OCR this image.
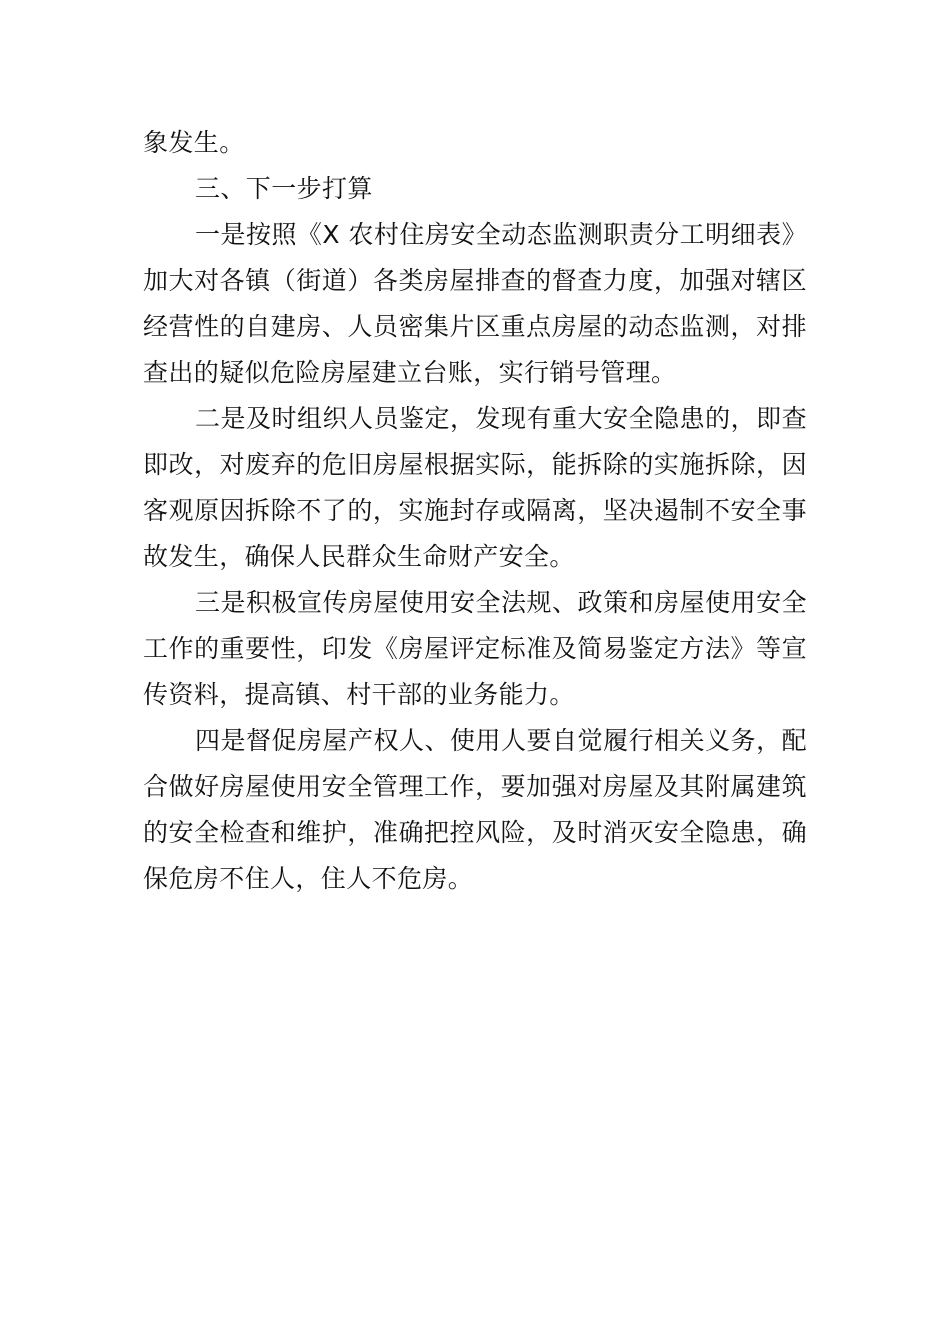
象发生。

三、下一步打算

一是按照《X 农村住房安全动态监测职责分工明细表》加大对各镇（街道）各类房屋排查的督查力度，加强对辖区经营性的自建房、人员密集片区重点房屋的动态监测，对排查出的疑似危险房屋建立台账，实行销号管理。

二是及时组织人员鉴定，发现有重大安全隐患的，即查即改，对废弃的危旧房屋根据实际，能拆除的实施拆除，因客观原因拆除不了的，实施封存或隔离，坚决遏制不安全事故发生，确保人民群众生命财产安全。

三是积极宣传房屋使用安全法规、政策和房屋使用安全工作的重要性，印发《房屋评定标准及简易鉴定方法》等宣传资料，提高镇、村干部的业务能力。

四是督促房屋产权人、使用人要自觉履行相关义务，配合做好房屋使用安全管理工作，要加强对房屋及其附属建筑的安全检查和维护，准确把控风险，及时消灭安全隐患，确保危房不住人，住人不危房。
